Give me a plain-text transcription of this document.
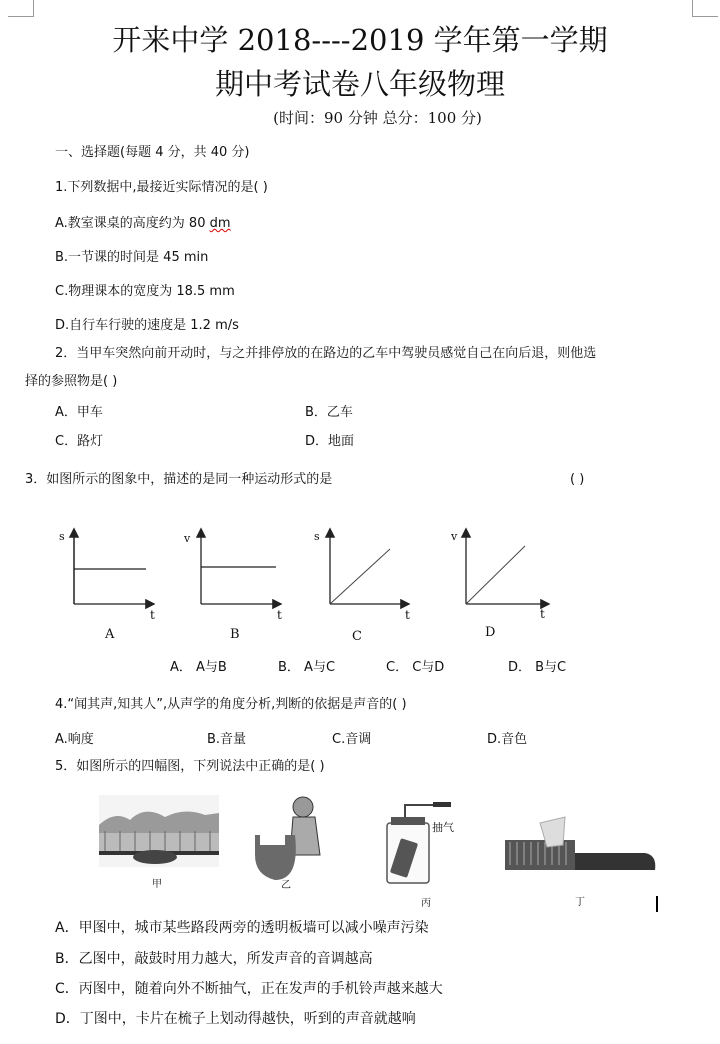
开来中学 2018----2019 学年第一学期
期中考试卷八年级物理
(时间：90 分钟 总分：100 分)
一、选择题(每题 4 分，共 40 分)
1.下列数据中,最接近实际情况的是( )
A.教室课桌的高度约为 80 dm
B.一节课的时间是 45 min
C.物理课本的宽度为 18.5 mm
D.自行车行驶的速度是 1.2 m/s
2．当甲车突然向前开动时，与之并排停放的在路边的乙车中驾驶员感觉自己在向后退，则他选
择的参照物是( )
A．甲车	B．乙车
C．路灯	D．地面
3．如图所示的图象中，描述的是同一种运动形式的是	( )
s
t
A
v
t
B
s
t
C
v
t
D
A． A与B	B． A与C	C． C与D	D． B与C
4.“闻其声,知其人”,从声学的角度分析,判断的依据是声音的( )
A.响度	B.音量	C.音调	D.音色
5．如图所示的四幅图，下列说法中正确的是( )
甲	乙
抽气
丙	丁
A．甲图中，城市某些路段两旁的透明板墙可以减小噪声污染
B．乙图中，敲鼓时用力越大，所发声音的音调越高
C．丙图中，随着向外不断抽气，正在发声的手机铃声越来越大
D．丁图中，卡片在梳子上划动得越快，听到的声音就越响
